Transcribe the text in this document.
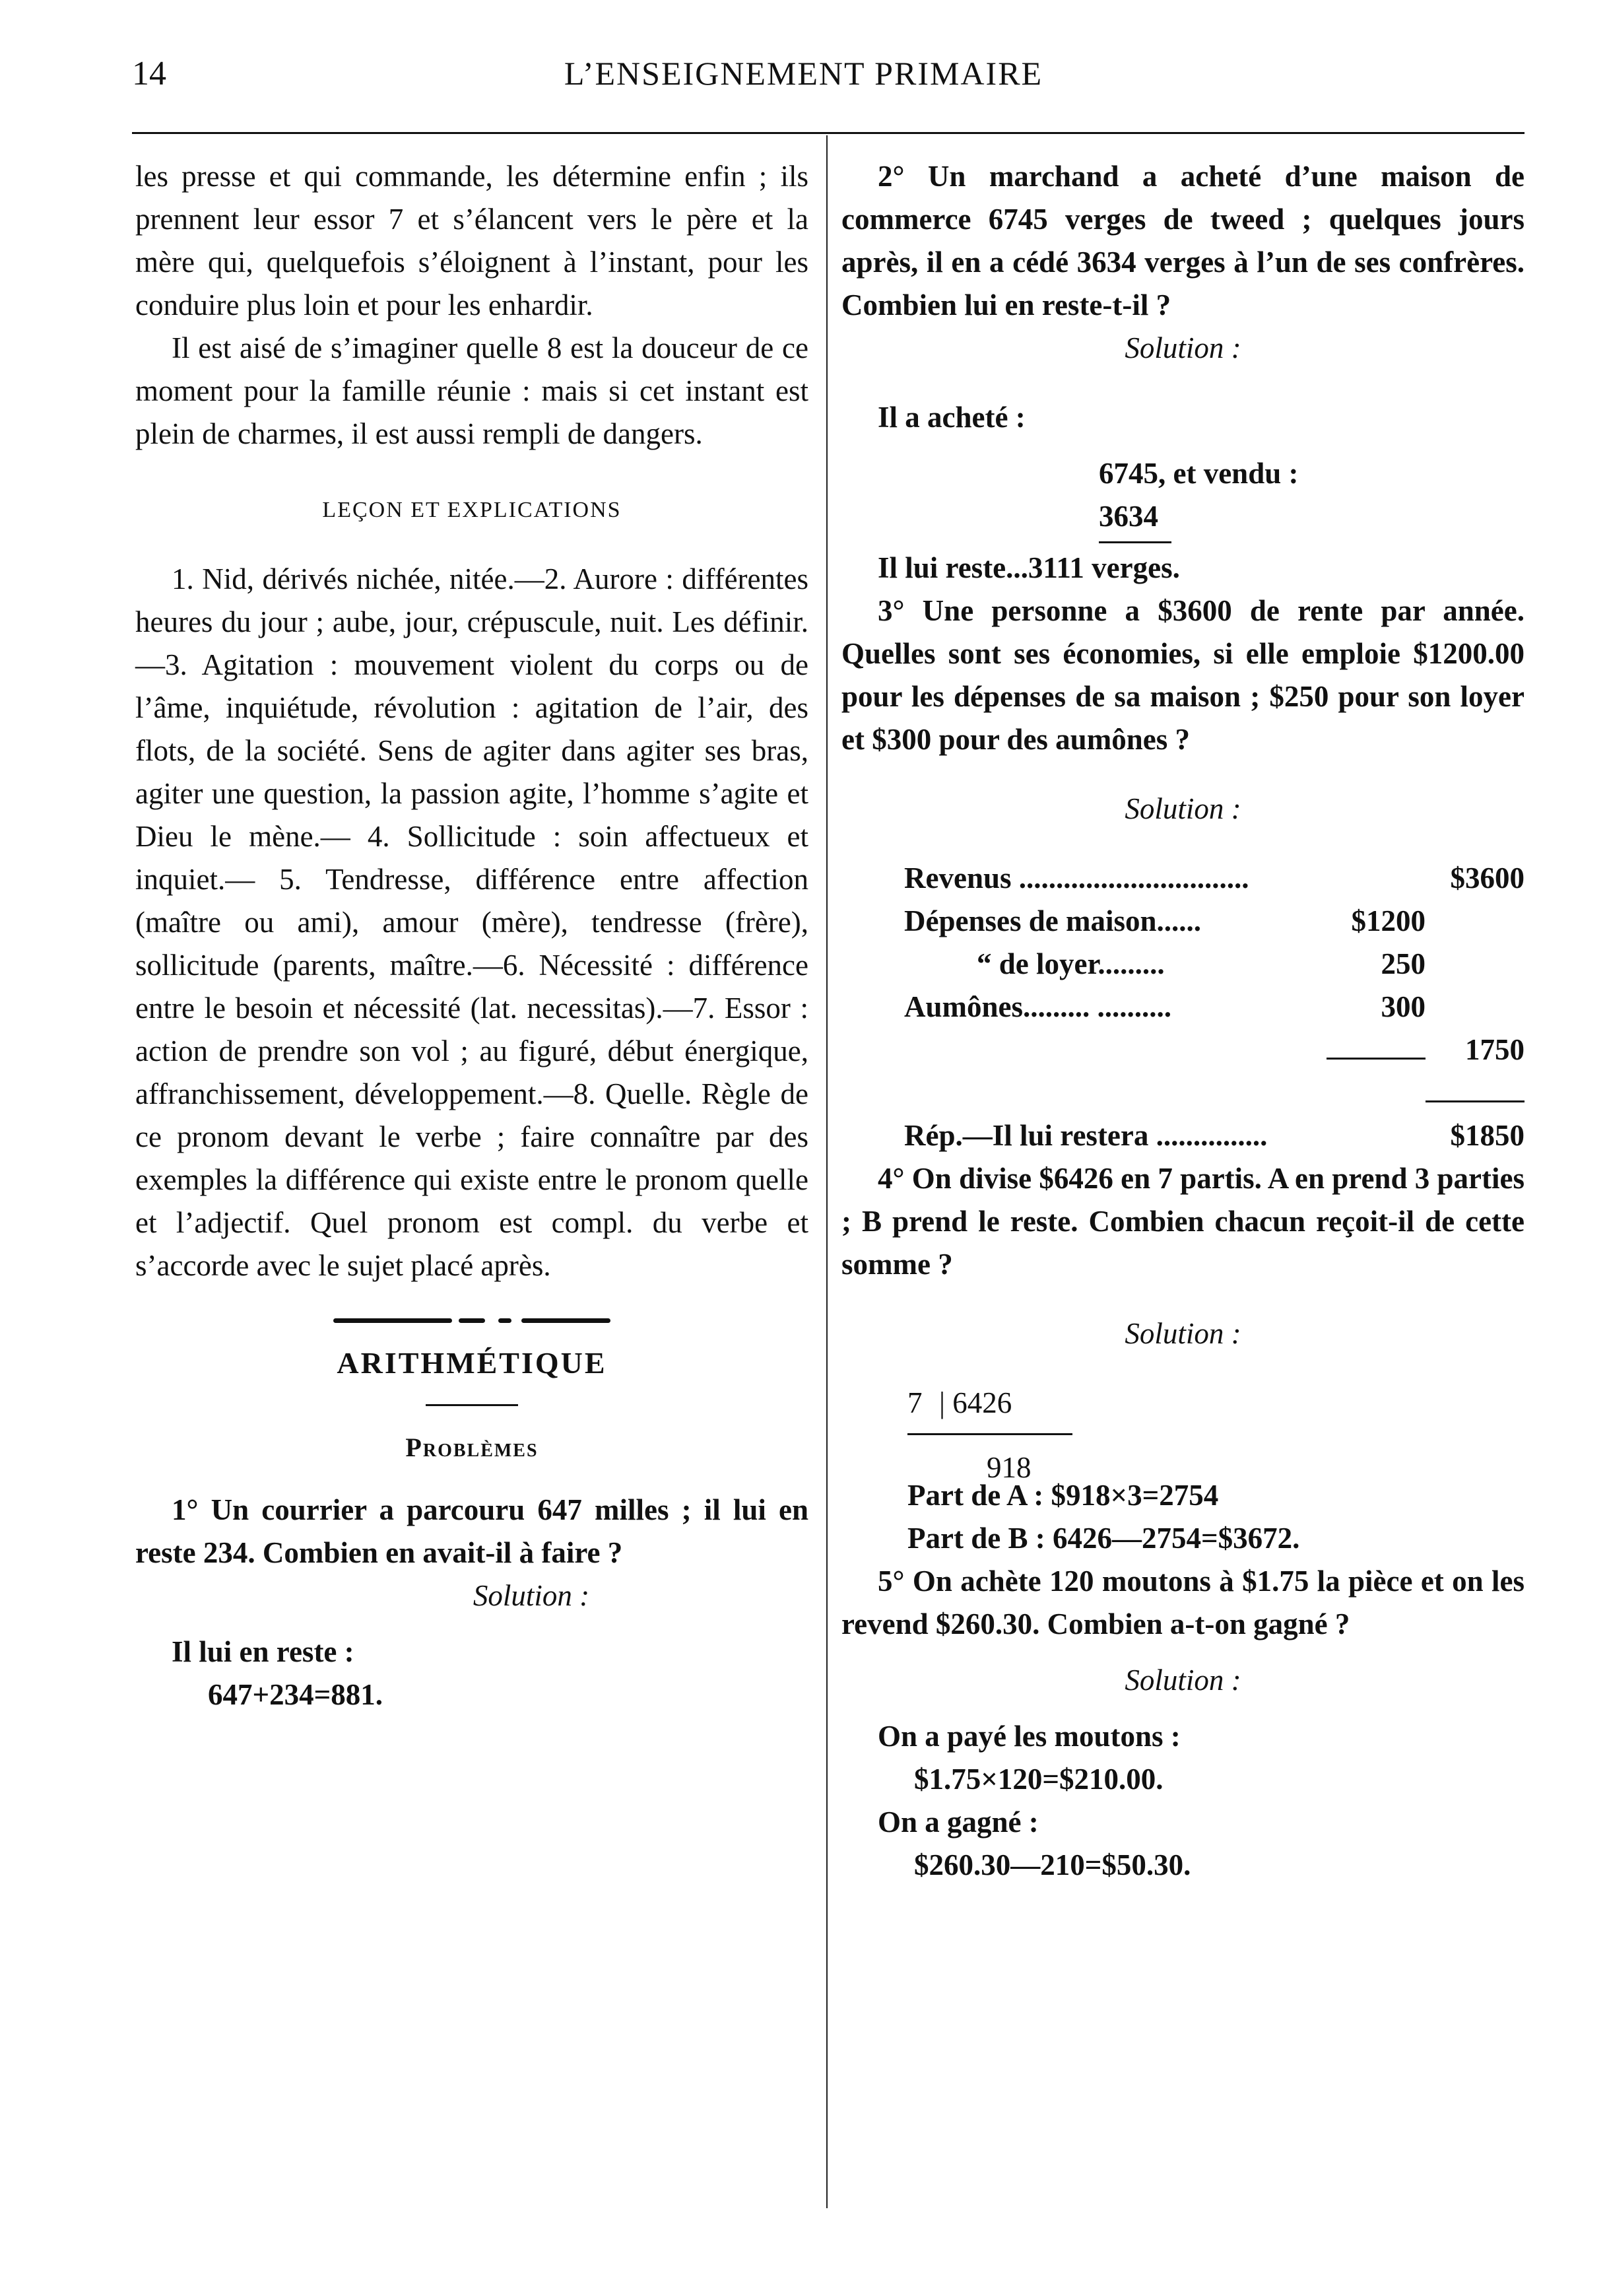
14	L’ENSEIGNEMENT PRIMAIRE

les presse et qui commande, les détermine enfin ; ils prennent leur essor 7 et s’élancent vers le père et la mère qui, quelquefois s’éloignent à l’instant, pour les conduire plus loin et pour les enhardir.

Il est aisé de s’imaginer quelle 8 est la douceur de ce moment pour la famille réunie : mais si cet instant est plein de charmes, il est aussi rempli de dangers.

LEÇON ET EXPLICATIONS

1. Nid, dérivés nichée, nitée.—2. Aurore : différentes heures du jour ; aube, jour, crépuscule, nuit. Les définir.—3. Agitation : mouvement violent du corps ou de l’âme, inquiétude, révolution : agitation de l’air, des flots, de la société. Sens de agiter dans agiter ses bras, agiter une question, la passion agite, l’homme s’agite et Dieu le mène.— 4. Sollicitude : soin affectueux et inquiet.— 5. Tendresse, différence entre affection (maître ou ami), amour (mère), tendresse (frère), sollicitude (parents, maître.—6. Nécessité : différence entre le besoin et nécessité (lat. necessitas).—7. Essor : action de prendre son vol ; au figuré, début énergique, affranchissement, développement.—8. Quelle. Règle de ce pronom devant le verbe ; faire connaître par des exemples la différence qui existe entre le pronom quelle et l’adjectif. Quel pronom est compl. du verbe et s’accorde avec le sujet placé après.

ARITHMÉTIQUE
Problèmes

1° Un courrier a parcouru 647 milles ; il lui en reste 234. Combien en avait-il à faire ?

Solution :

Il lui en reste :

647+234=881.

2° Un marchand a acheté d’une maison de commerce 6745 verges de tweed ; quelques jours après, il en a cédé 3634 verges à l’un de ses confrères. Combien lui en reste-t-il ?

Solution :

Il a acheté :

6745, et vendu :

3634

Il lui reste...3111 verges.

3° Une personne a $3600 de rente par année. Quelles sont ses économies, si elle emploie $1200.00 pour les dépenses de sa maison ; $250 pour son loyer et $300 pour des aumônes ?

Solution :
Revenus ...............................		$3600
Dépenses de maison......	$1200	
“ de loyer.........	250	
Aumônes......... ..........	300	
		1750

Rép.—Il lui restera ...............		$1850

4° On divise $6426 en 7 partis. A en prend 3 parties ; B prend le reste. Combien chacun reçoit-il de cette somme ?

Solution :
7 | 6426
918

Part de A : $918×3=2754

Part de B : 6426—2754=$3672.

5° On achète 120 moutons à $1.75 la pièce et on les revend $260.30. Combien a-t-on gagné ?

Solution :

On a payé les moutons :

$1.75×120=$210.00.

On a gagné :

$260.30—210=$50.30.
